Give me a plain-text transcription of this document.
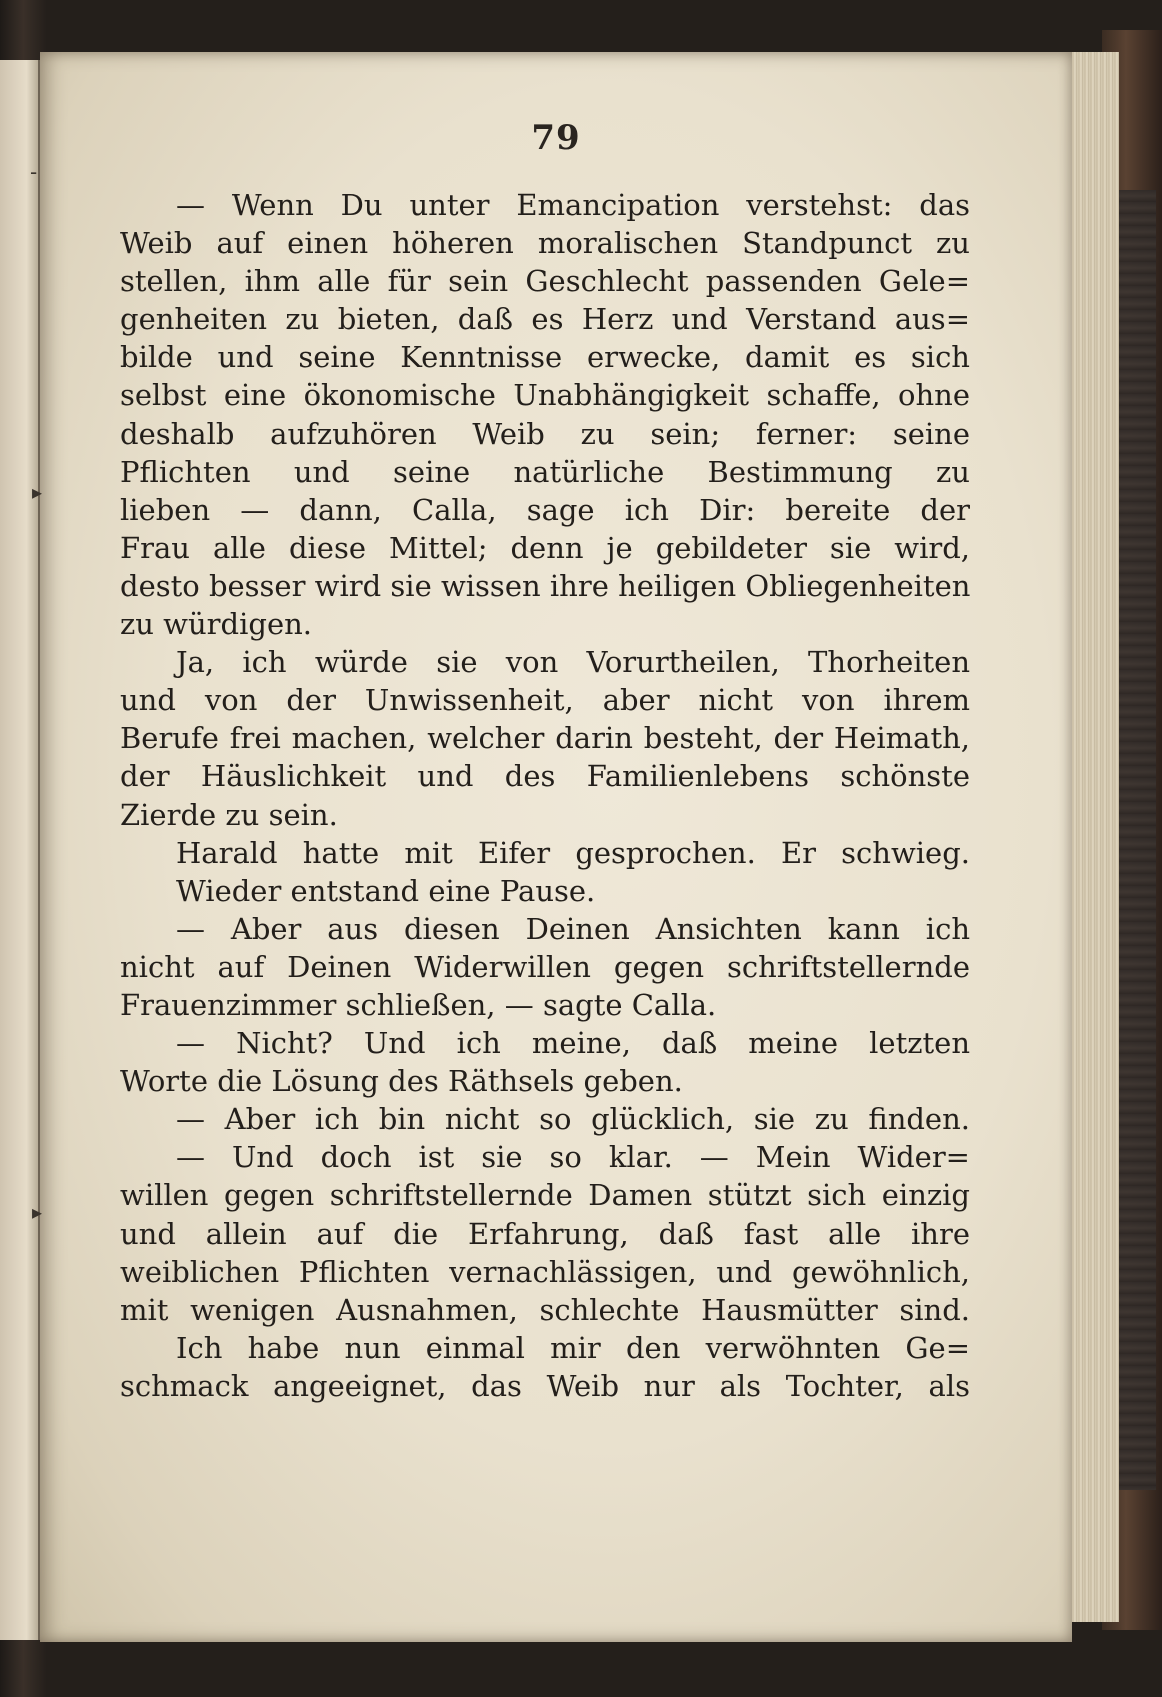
79
— Wenn Du unter Emancipation verstehst: das
Weib auf einen höheren moralischen Standpunct zu
stellen, ihm alle für sein Geschlecht passenden Gele=
genheiten zu bieten, daß es Herz und Verstand aus=
bilde und seine Kenntnisse erwecke, damit es sich
selbst eine ökonomische Unabhängigkeit schaffe, ohne
deshalb aufzuhören Weib zu sein; ferner: seine
Pflichten und seine natürliche Bestimmung zu
lieben — dann, Calla, sage ich Dir: bereite der
Frau alle diese Mittel; denn je gebildeter sie wird,
desto besser wird sie wissen ihre heiligen Obliegenheiten
zu würdigen.
Ja, ich würde sie von Vorurtheilen, Thorheiten
und von der Unwissenheit, aber nicht von ihrem
Berufe frei machen, welcher darin besteht, der Heimath,
der Häuslichkeit und des Familienlebens schönste
Zierde zu sein.
Harald hatte mit Eifer gesprochen. Er schwieg.
Wieder entstand eine Pause.
— Aber aus diesen Deinen Ansichten kann ich
nicht auf Deinen Widerwillen gegen schriftstellernde
Frauenzimmer schließen, — sagte Calla.
— Nicht? Und ich meine, daß meine letzten
Worte die Lösung des Räthsels geben.
— Aber ich bin nicht so glücklich, sie zu finden.
— Und doch ist sie so klar. — Mein Wider=
willen gegen schriftstellernde Damen stützt sich einzig
und allein auf die Erfahrung, daß fast alle ihre
weiblichen Pflichten vernachlässigen, und gewöhnlich,
mit wenigen Ausnahmen, schlechte Hausmütter sind.
Ich habe nun einmal mir den verwöhnten Ge=
schmack angeeignet, das Weib nur als Tochter, als
-
▸
▸
